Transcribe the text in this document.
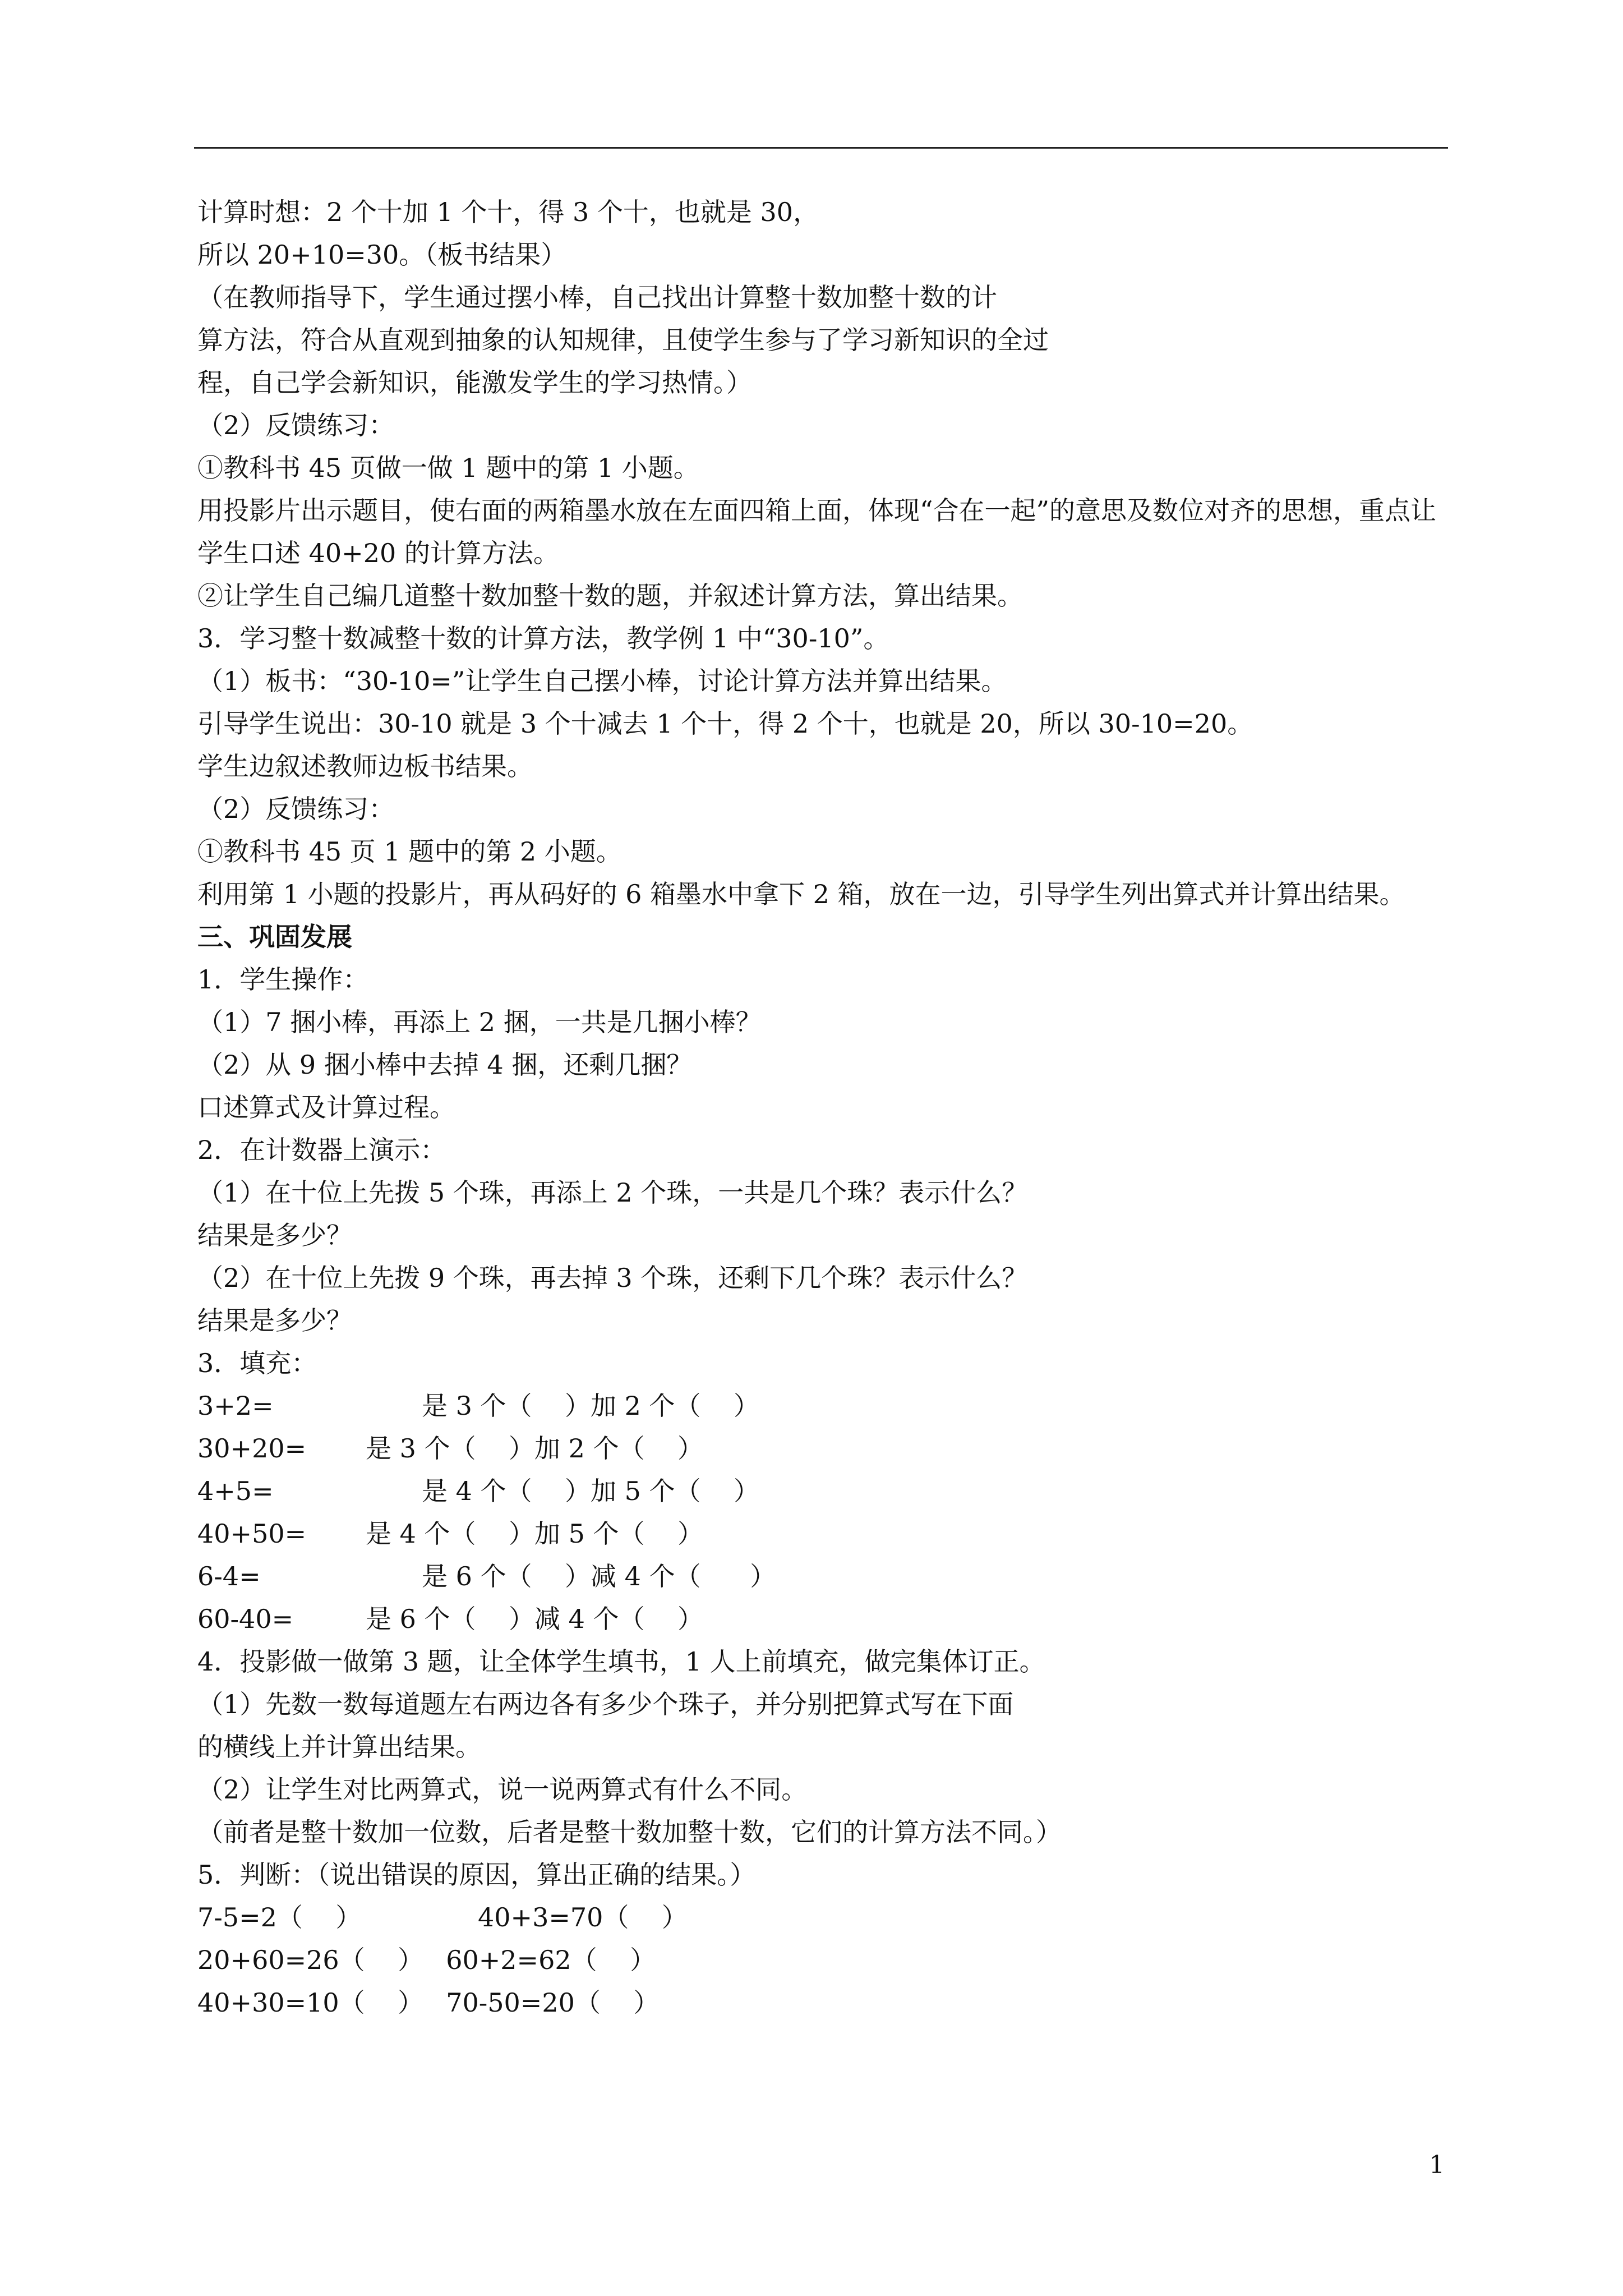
计算时想：2 个十加 1 个十，得 3 个十，也就是 30，
所以 20+10=30。（板书结果）
（在教师指导下，学生通过摆小棒，自己找出计算整十数加整十数的计
算方法，符合从直观到抽象的认知规律，且使学生参与了学习新知识的全过
程，自己学会新知识，能激发学生的学习热情。）
（2）反馈练习：
①教科书 45 页做一做 1 题中的第 1 小题。
用投影片出示题目，使右面的两箱墨水放在左面四箱上面，体现“合在一起”的意思及数位对齐的思想，重点让学生口述 40+20 的计算方法。
②让学生自己编几道整十数加整十数的题，并叙述计算方法，算出结果。
3．学习整十数减整十数的计算方法，教学例 1 中“30-10”。
（1）板书：“30-10=”让学生自己摆小棒，讨论计算方法并算出结果。
引导学生说出：30-10 就是 3 个十减去 1 个十，得 2 个十，也就是 20，所以 30-10=20。
学生边叙述教师边板书结果。
（2）反馈练习：
①教科书 45 页 1 题中的第 2 小题。
利用第 1 小题的投影片，再从码好的 6 箱墨水中拿下 2 箱，放在一边，引导学生列出算式并计算出结果。
三、巩固发展
1．学生操作：
（1）7 捆小棒，再添上 2 捆，一共是几捆小棒？
（2）从 9 捆小棒中去掉 4 捆，还剩几捆？
口述算式及计算过程。
2．在计数器上演示：
（1）在十位上先拨 5 个珠，再添上 2 个珠，一共是几个珠？表示什么？
结果是多少？
（2）在十位上先拨 9 个珠，再去掉 3 个珠，还剩下几个珠？表示什么？
结果是多少？
3．填充：
3+2=	是 3 个（    ）加 2 个（    ）
30+20=	是 3 个（    ）加 2 个（    ）
4+5=	是 4 个（    ）加 5 个（    ）
40+50=	是 4 个（    ）加 5 个（    ）
6-4=	是 6 个（    ）减 4 个（      ）
60-40=	是 6 个（    ）减 4 个（    ）
4．投影做一做第 3 题，让全体学生填书，1 人上前填充，做完集体订正。
（1）先数一数每道题左右两边各有多少个珠子，并分别把算式写在下面
的横线上并计算出结果。
（2）让学生对比两算式，说一说两算式有什么不同。
（前者是整十数加一位数，后者是整十数加整十数，它们的计算方法不同。）
5．判断：（说出错误的原因，算出正确的结果。）
7-5=2（    ）	40+3=70（    ）
20+60=26（    ） 60+2=62（    ）
40+30=10（    ） 70-50=20（    ）
1
